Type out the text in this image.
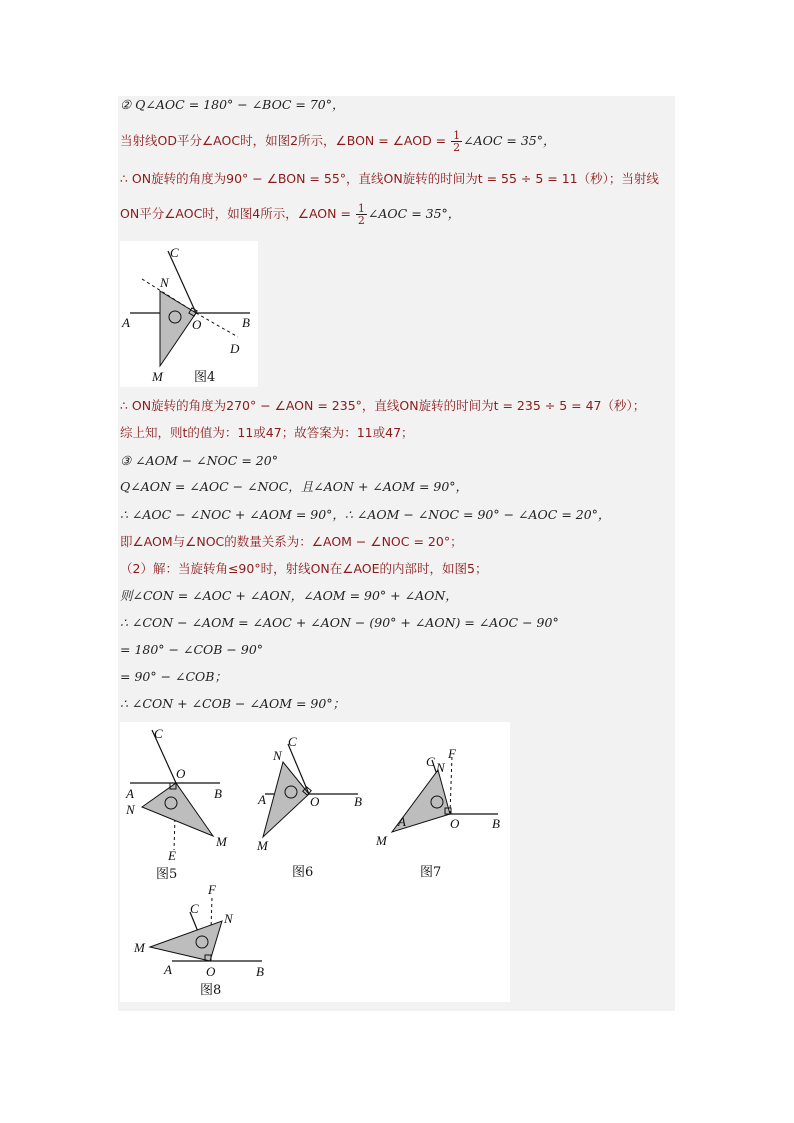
② Q∠AOC = 180° − ∠BOC = 70°，
当射线OD平分∠AOC时，如图2所示，∠BON = ∠AOD = $\frac{1}{2}$ ∠AOC = 35°，
∴ ON旋转的角度为90° − ∠BON = 55°，直线ON旋转的时间为t = 55 ÷ 5 = 11（秒）；当射线
ON平分∠AOC时，如图4所示，∠AON = $\frac{1}{2}$ ∠AOC = 35°，
C
N
A	O	B
D
M 图4
∴ ON旋转的角度为270° − ∠AON = 235°，直线ON旋转的时间为t = 235 ÷ 5 = 47（秒）；
综上知，则t的值为：11或47；故答案为：11或47；
③ ∠AOM − ∠NOC = 20°
Q∠AON = ∠AOC − ∠NOC，且∠AON + ∠AOM = 90°，
∴ ∠AOC − ∠NOC + ∠AOM = 90°，∴ ∠AOM − ∠NOC = 90° − ∠AOC = 20°，
即∠AOM与∠NOC的数量关系为：∠AOM − ∠NOC = 20°；
（2）解：当旋转角≤90°时，射线ON在∠AOE的内部时，如图5；
则∠CON = ∠AOC + ∠AON，∠AOM = 90° + ∠AON，
∴ ∠CON − ∠AOM = ∠AOC + ∠AON − (90° + ∠AON) = ∠AOC − 90°
= 180° − ∠COB − 90°
= 90° − ∠COB；
∴ ∠CON + ∠COB − ∠AOM = 90°；
C
O
A	B
N
M
E
图5
N
C
A	O	B
M
图6
C N
F
A	O	B
M
图7
F
C
N
M
A	O	B
图8
